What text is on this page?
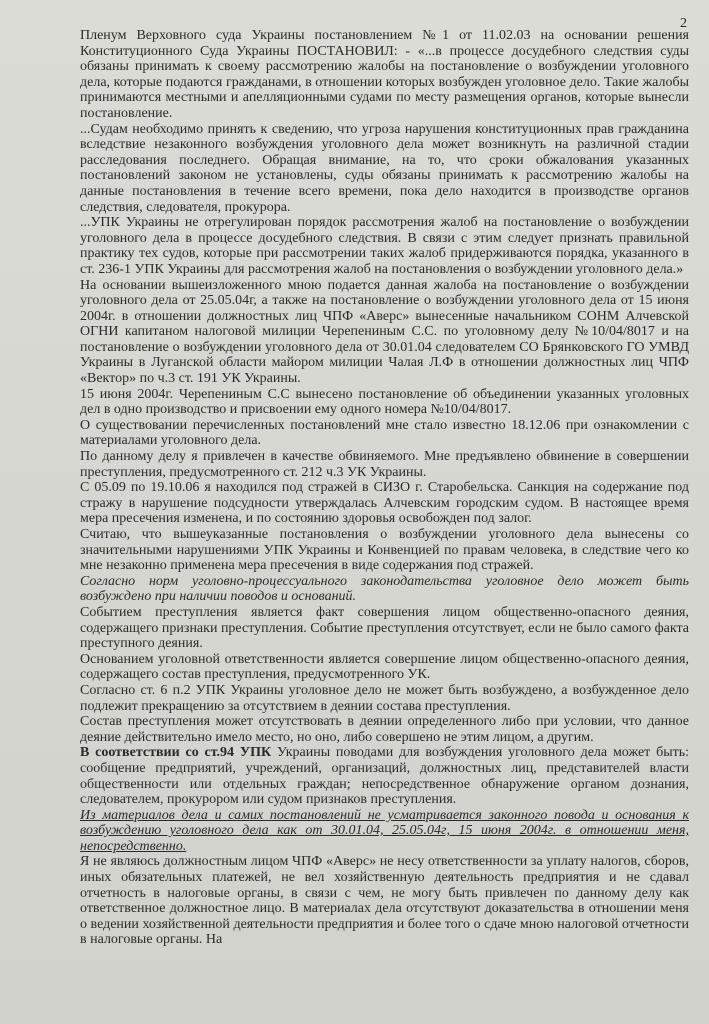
2

Пленум Верховного суда Украины постановлением №1 от 11.02.03 на основании решения Конституционного Суда Украины ПОСТАНОВИЛ: - «...в процессе досудебного следствия суды обязаны принимать к своему рассмотрению жалобы на постановление о возбуждении уголовного дела, которые подаются гражданами, в отношении которых возбужден уголовное дело. Такие жалобы принимаются местными и апелляционными судами по месту размещения органов, которые вынесли постановление.

...Судам необходимо принять к сведению, что угроза нарушения конституционных прав гражданина вследствие незаконного возбуждения уголовного дела может возникнуть на различной стадии расследования последнего. Обращая внимание, на то, что сроки обжалования указанных постановлений законом не установлены, суды обязаны принимать к рассмотрению жалобы на данные постановления в течение всего времени, пока дело находится в производстве органов следствия, следователя, прокурора.

...УПК Украины не отрегулирован порядок рассмотрения жалоб на постановление о возбуждении уголовного дела в процессе досудебного следствия. В связи с этим следует признать правильной практику тех судов, которые при рассмотрении таких жалоб придерживаются порядка, указанного в ст. 236-1 УПК Украины для рассмотрения жалоб на постановления о возбуждении уголовного дела.»

На основании вышеизложенного мною подается данная жалоба на постановление о возбуждении уголовного дела от 25.05.04г, а также на постановление о возбуждении уголовного дела от 15 июня 2004г. в отношении должностных лиц ЧПФ «Аверс» вынесенные начальником СОНМ Алчевской ОГНИ капитаном налоговой милиции Черепениным С.С. по уголовному делу №10/04/8017 и на постановление о возбуждении уголовного дела от 30.01.04 следователем СО Брянковского ГО УМВД Украины в Луганской области майором милиции Чалая Л.Ф в отношении должностных лиц ЧПФ «Вектор» по ч.3 ст. 191 УК Украины.

15 июня 2004г. Черепениным С.С вынесено постановление об объединении указанных уголовных дел в одно производство и присвоении ему одного номера №10/04/8017.

О существовании перечисленных постановлений мне стало известно 18.12.06 при ознакомлении с материалами уголовного дела.

По данному делу я привлечен в качестве обвиняемого. Мне предъявлено обвинение в совершении преступления, предусмотренного ст. 212 ч.3 УК Украины.

С 05.09 по 19.10.06 я находился под стражей в СИЗО г. Старобельска. Санкция на содержание под стражу в нарушение подсудности утверждалась Алчевским городским судом. В настоящее время мера пресечения изменена, и по состоянию здоровья освобожден под залог.

Считаю, что вышеуказанные постановления о возбуждении уголовного дела вынесены со значительными нарушениями УПК Украины и Конвенцией по правам человека, в следствие чего ко мне незаконно применена мера пресечения в виде содержания под стражей.

Согласно норм уголовно-процессуального законодательства уголовное дело может быть возбуждено при наличии поводов и оснований.

Событием преступления является факт совершения лицом общественно-опасного деяния, содержащего признаки преступления. Событие преступления отсутствует, если не было самого факта преступного деяния.

Основанием уголовной ответственности является совершение лицом общественно-опасного деяния, содержащего состав преступления, предусмотренного УК.

Согласно ст. 6 п.2 УПК Украины уголовное дело не может быть возбуждено, а возбужденное дело подлежит прекращению за отсутствием в деянии состава преступления.

Состав преступления может отсутствовать в деянии определенного либо при условии, что данное деяние действительно имело место, но оно, либо совершено не этим лицом, а другим.

В соответствии со ст.94 УПК Украины поводами для возбуждения уголовного дела может быть: сообщение предприятий, учреждений, организаций, должностных лиц, представителей власти общественности или отдельных граждан; непосредственное обнаружение органом дознания, следователем, прокурором или судом признаков преступления.

Из материалов дела и самих постановлений не усматривается законного повода и основания к возбуждению уголовного дела как от 30.01.04, 25.05.04г, 15 июня 2004г. в отношении меня, непосредственно.

Я не являюсь должностным лицом ЧПФ «Аверс» не несу ответственности за уплату налогов, сборов, иных обязательных платежей, не вел хозяйственную деятельность предприятия и не сдавал отчетность в налоговые органы, в связи с чем, не могу быть привлечен по данному делу как ответственное должностное лицо. В материалах дела отсутствуют доказательства в отношении меня о ведении хозяйственной деятельности предприятия и более того о сдаче мною налоговой отчетности в налоговые органы. На
